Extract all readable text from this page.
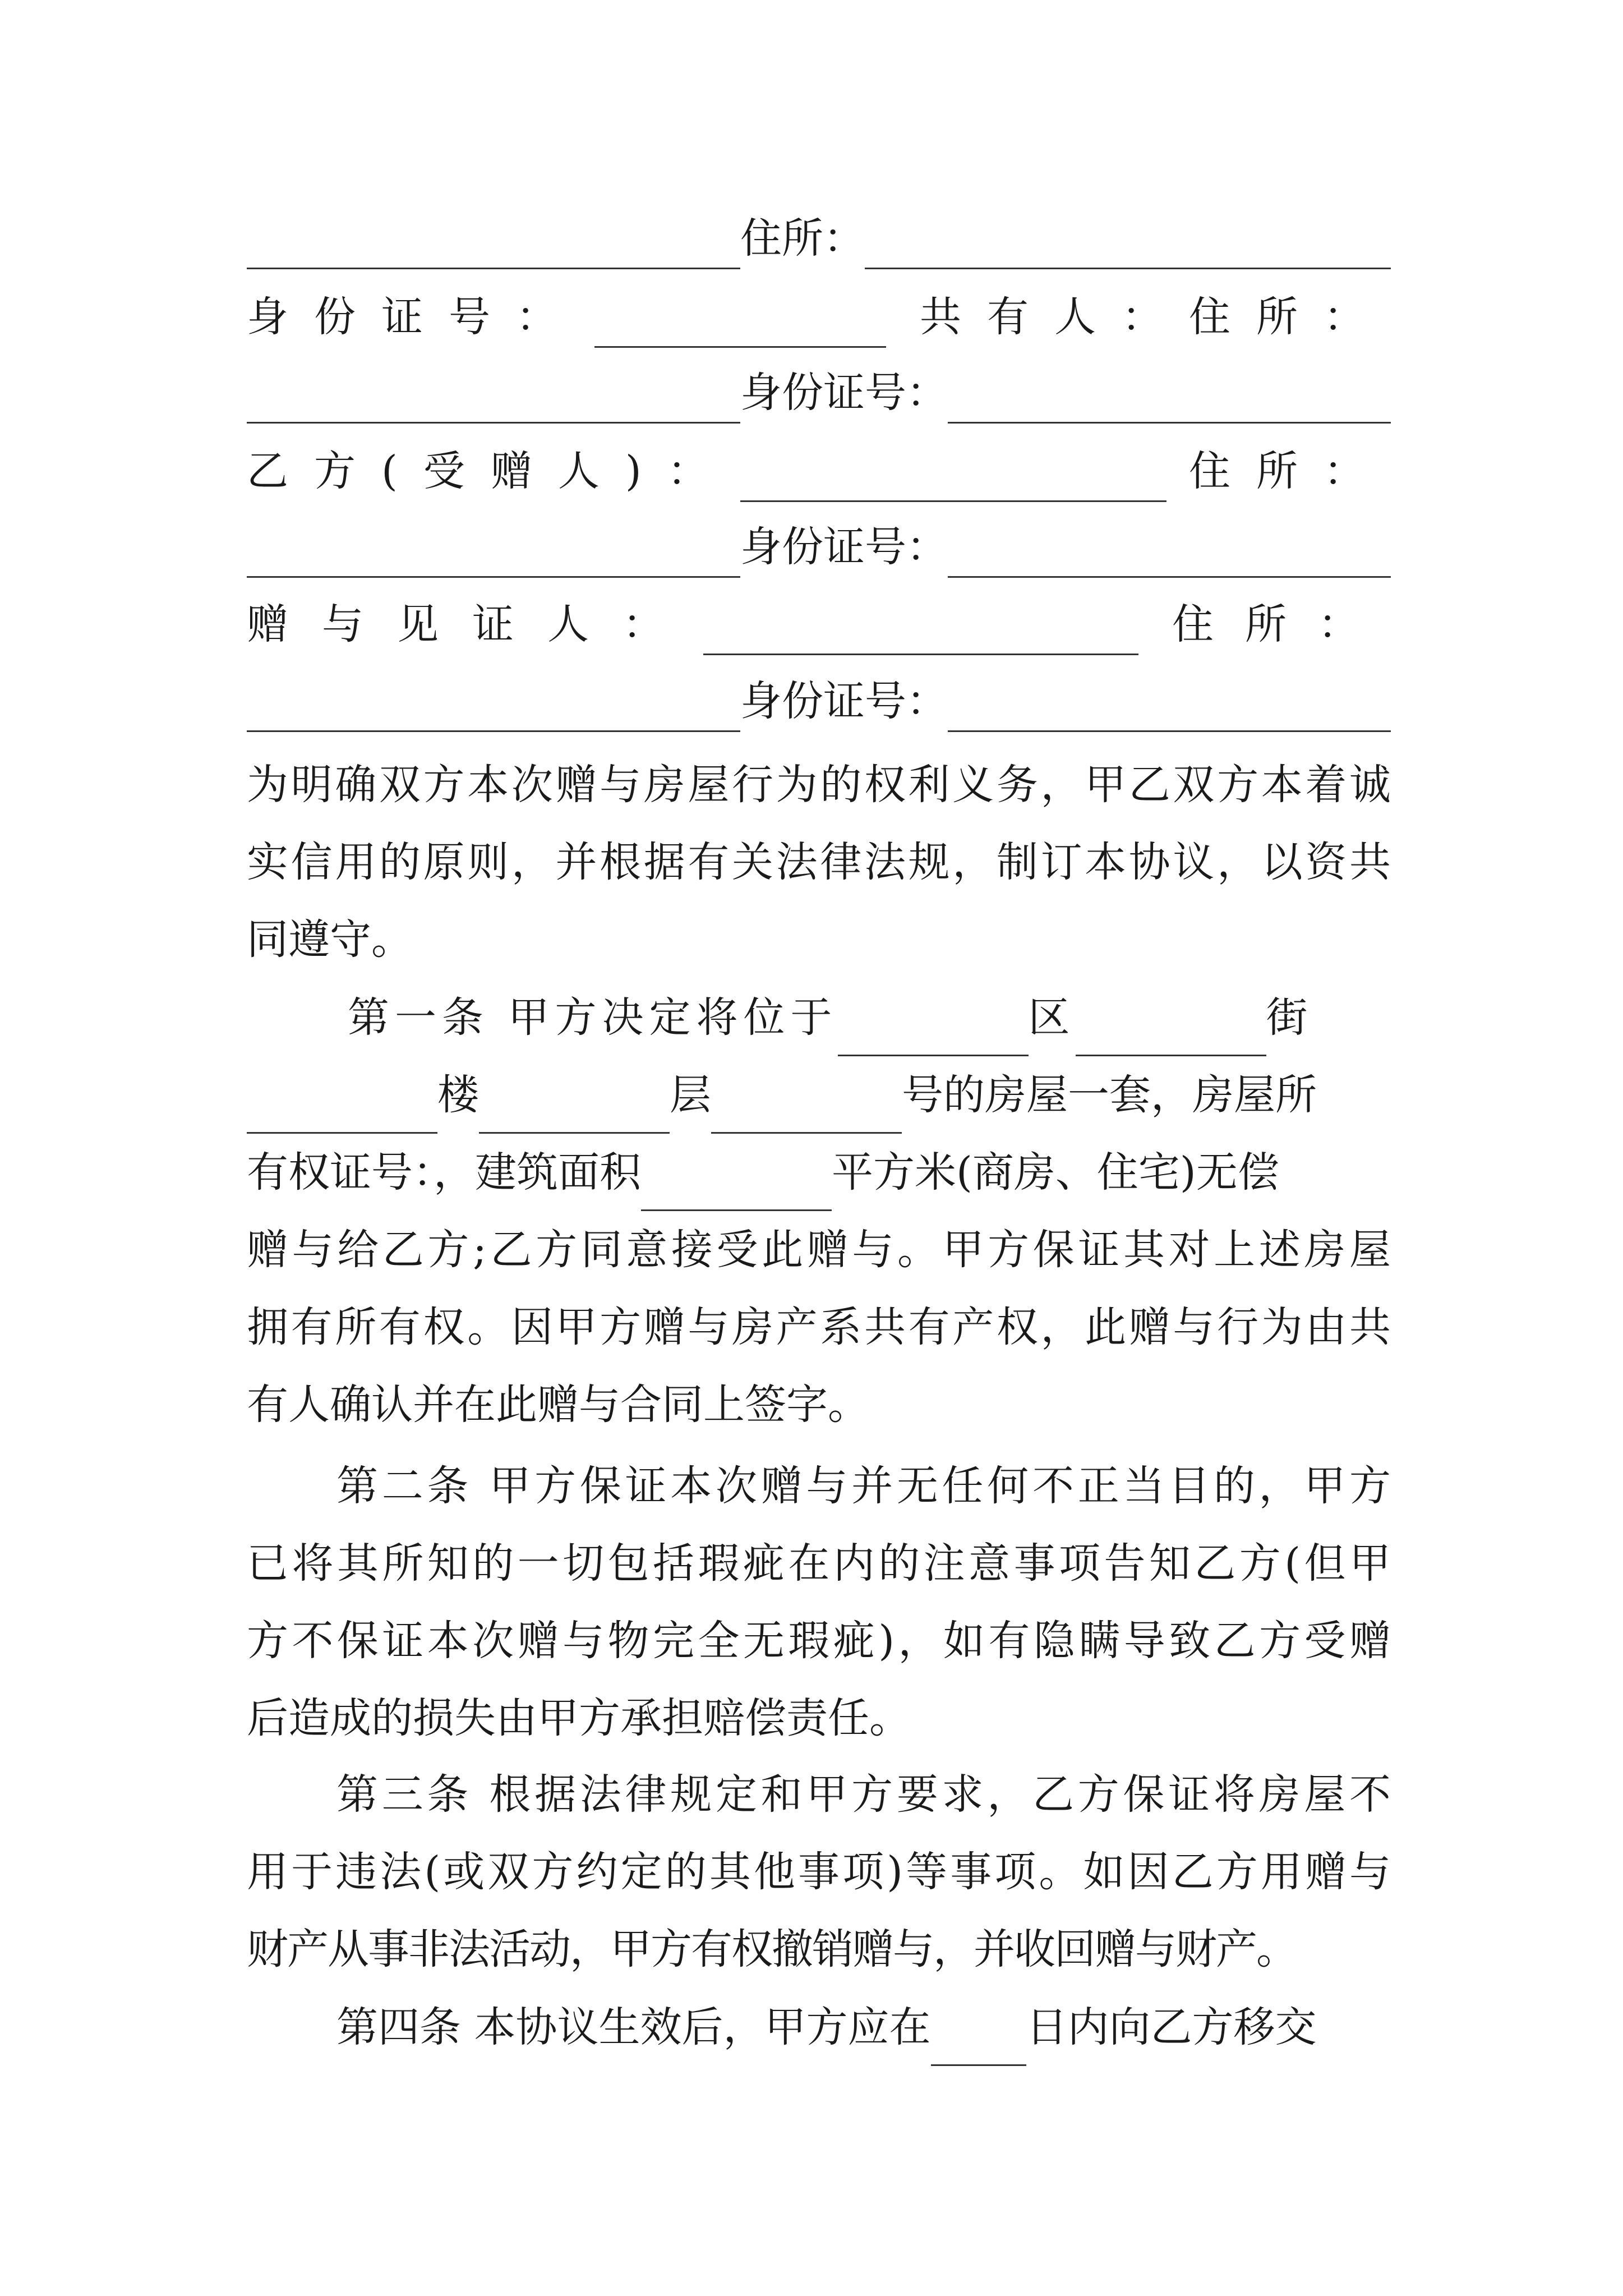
住所：
身份证号：	共有人：住所：
身份证号：
乙方(受赠人)：	住所：
身份证号：
赠与见证人：	住所：
身份证号：
为明确双方本次赠与房屋行为的权利义务，甲乙双方本着诚
实信用的原则，并根据有关法律法规，制订本协议，以资共
同遵守。
第一条 甲方决定将位于	区	街
楼	层	号的房屋一套，房屋所
有权证号：，建筑面积	平方米(商房、住宅)无偿
赠与给乙方;乙方同意接受此赠与。甲方保证其对上述房屋
拥有所有权。因甲方赠与房产系共有产权，此赠与行为由共
有人确认并在此赠与合同上签字。
第二条 甲方保证本次赠与并无任何不正当目的，甲方
已将其所知的一切包括瑕疵在内的注意事项告知乙方(但甲
方不保证本次赠与物完全无瑕疵)，如有隐瞒导致乙方受赠
后造成的损失由甲方承担赔偿责任。
第三条 根据法律规定和甲方要求，乙方保证将房屋不
用于违法(或双方约定的其他事项)等事项。如因乙方用赠与
财产从事非法活动，甲方有权撤销赠与，并收回赠与财产。
第四条 本协议生效后，甲方应在 日内向乙方移交
